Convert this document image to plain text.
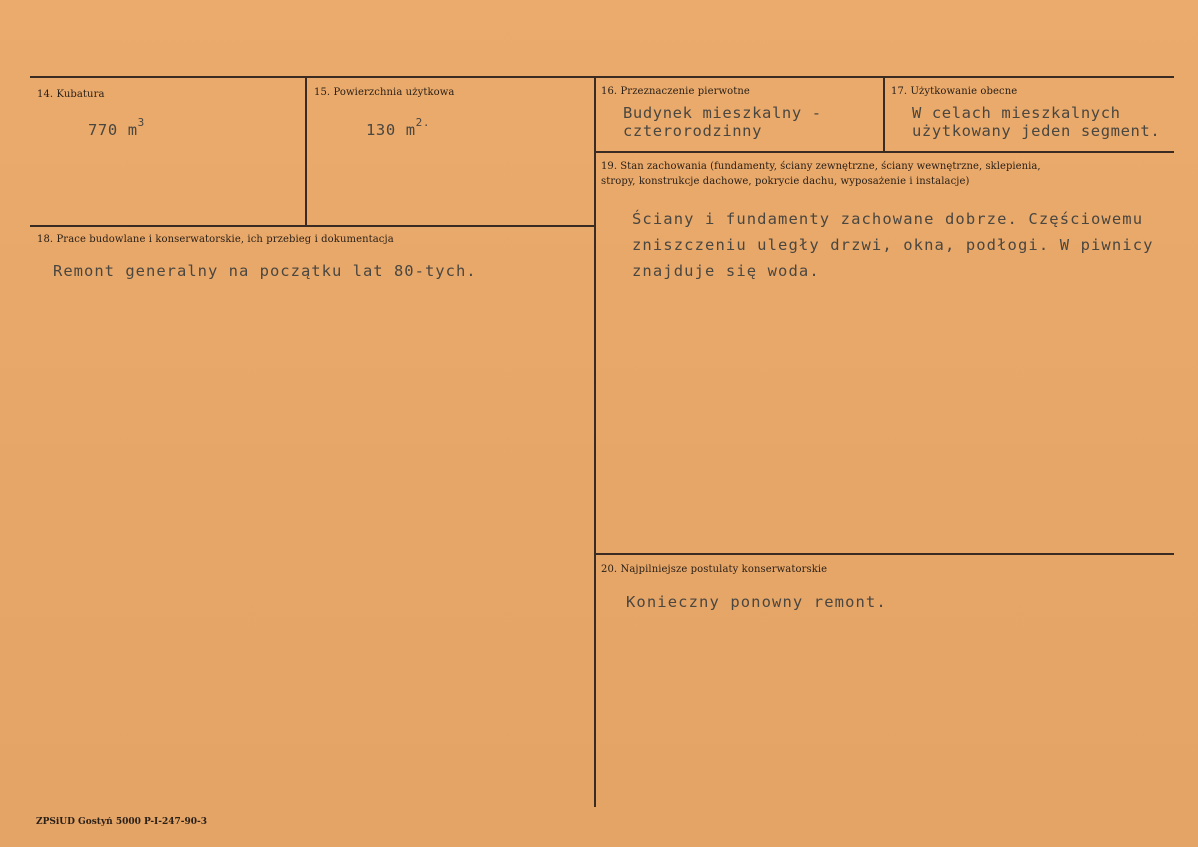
14. Kubatura
770 $m^3$
15. Powierzchnia użytkowa
130 $m^{2.}$
16. Przeznaczenie pierwotne
Budynek mieszkalny -
czterorodzinny
17. Użytkowanie obecne
W celach mieszkalnych
użytkowany jeden segment.
18. Prace budowlane i konserwatorskie, ich przebieg i dokumentacja
Remont generalny na początku lat 80-tych.
19. Stan zachowania (fundamenty, ściany zewnętrzne, ściany wewnętrzne, sklepienia,
stropy, konstrukcje dachowe, pokrycie dachu, wyposażenie i instalacje)
Ściany i fundamenty zachowane dobrze. Częściowemu
zniszczeniu uległy drzwi, okna, podłogi. W piwnicy
znajduje się woda.
20. Najpilniejsze postulaty konserwatorskie
Konieczny ponowny remont.
ZPSiUD Gostyń 5000 P-I-247-90-3
